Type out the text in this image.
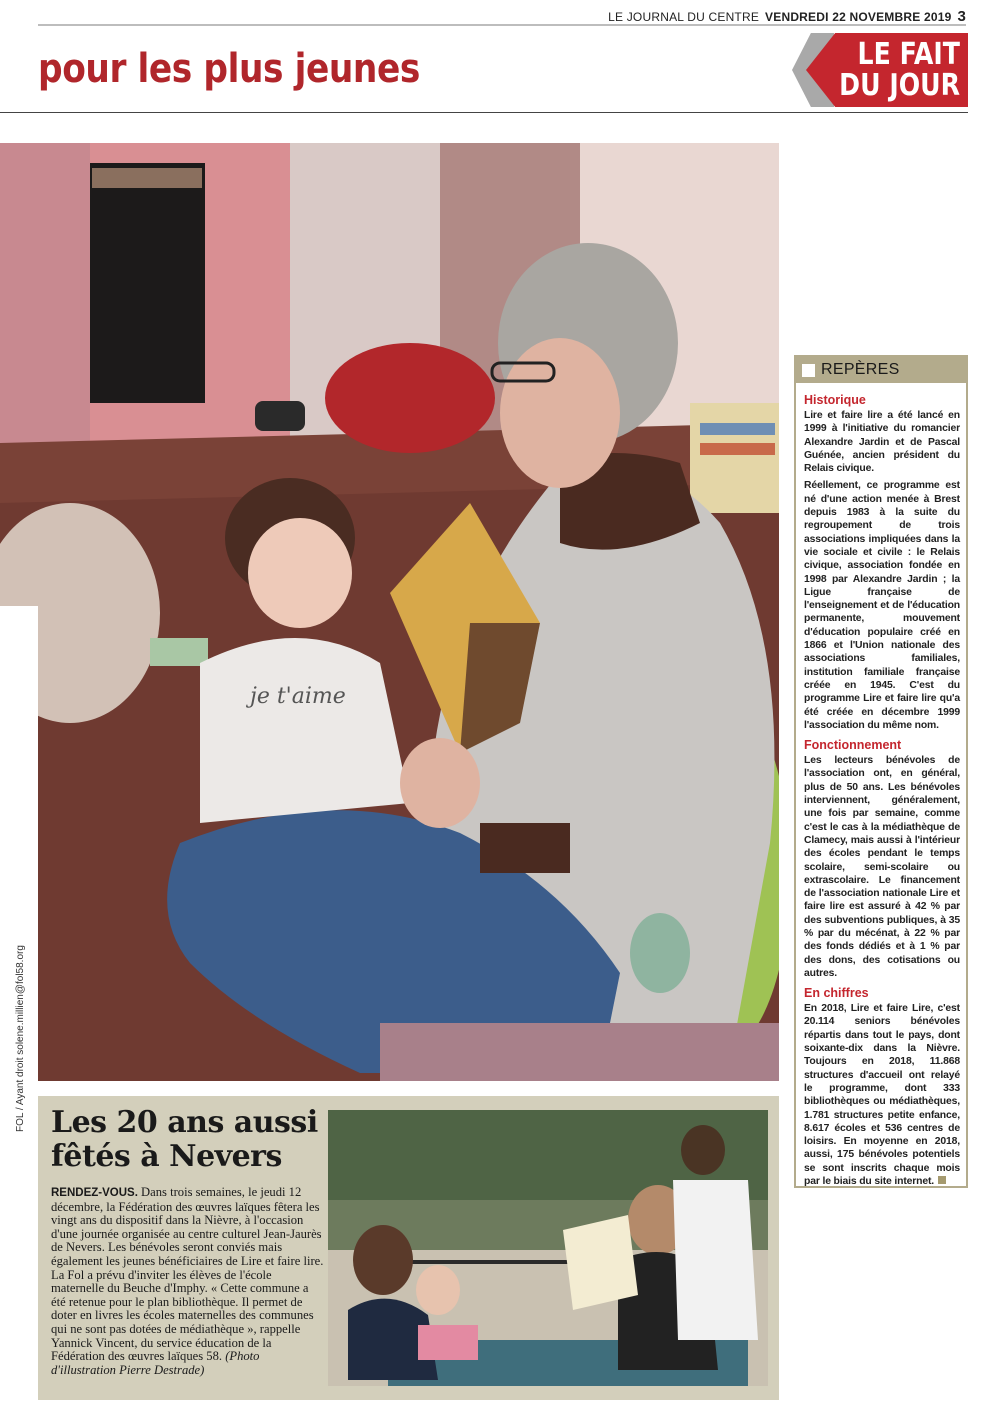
LE JOURNAL DU CENTRE VENDREDI 22 NOVEMBRE 2019 3
pour les plus jeunes	LE FAIT
DU JOUR
je t'aime
FOL / Ayant droit solene.millien@fol58.org
REPÈRES
Historique

Lire et faire lire a été lancé en 1999 à l'initiative du romancier Alexandre Jardin et de Pascal Guénée, ancien président du Relais civique.

Réellement, ce programme est né d'une action menée à Brest depuis 1983 à la suite du regroupement de trois associations impliquées dans la vie sociale et civile : le Relais civique, association fondée en 1998 par Alexandre Jardin ; la Ligue française de l'enseignement et de l'éducation permanente, mouvement d'éducation populaire créé en 1866 et l'Union nationale des associations familiales, institution familiale française créée en 1945. C'est du programme Lire et faire lire qu'a été créée en décembre 1999 l'association du même nom.

Fonctionnement

Les lecteurs bénévoles de l'association ont, en général, plus de 50 ans. Les bénévoles interviennent, généralement, une fois par semaine, comme c'est le cas à la médiathèque de Clamecy, mais aussi à l'intérieur des écoles pendant le temps scolaire, semi-scolaire ou extrascolaire. Le financement de l'association nationale Lire et faire lire est assuré à 42 % par des subventions publiques, à 35 % par du mécénat, à 22 % par des fonds dédiés et à 1 % par des dons, des cotisations ou autres.

En chiffres

En 2018, Lire et faire Lire, c'est 20.114 seniors bénévoles répartis dans tout le pays, dont soixante-dix dans la Nièvre. Toujours en 2018, 11.868 structures d'accueil ont relayé le programme, dont 333 bibliothèques ou médiathèques, 1.781 structures petite enfance, 8.617 écoles et 536 centres de loisirs. En moyenne en 2018, aussi, 175 bénévoles potentiels se sont inscrits chaque mois par le biais du site internet.

Les 20 ans aussi
fêtés à Nevers

RENDEZ-VOUS. Dans trois semaines, le jeudi 12 décembre, la Fédération des œuvres laïques fêtera les vingt ans du dispositif dans la Nièvre, à l'occasion d'une journée organisée au centre culturel Jean-Jaurès de Nevers. Les bénévoles seront conviés mais également les jeunes bénéficiaires de Lire et faire lire. La Fol a prévu d'inviter les élèves de l'école maternelle du Beuche d'Imphy. « Cette commune a été retenue pour le plan bibliothèque. Il permet de doter en livres les écoles maternelles des communes qui ne sont pas dotées de médiathèque », rappelle Yannick Vincent, du service éducation de la Fédération des œuvres laïques 58. (Photo d'illustration Pierre Destrade)
